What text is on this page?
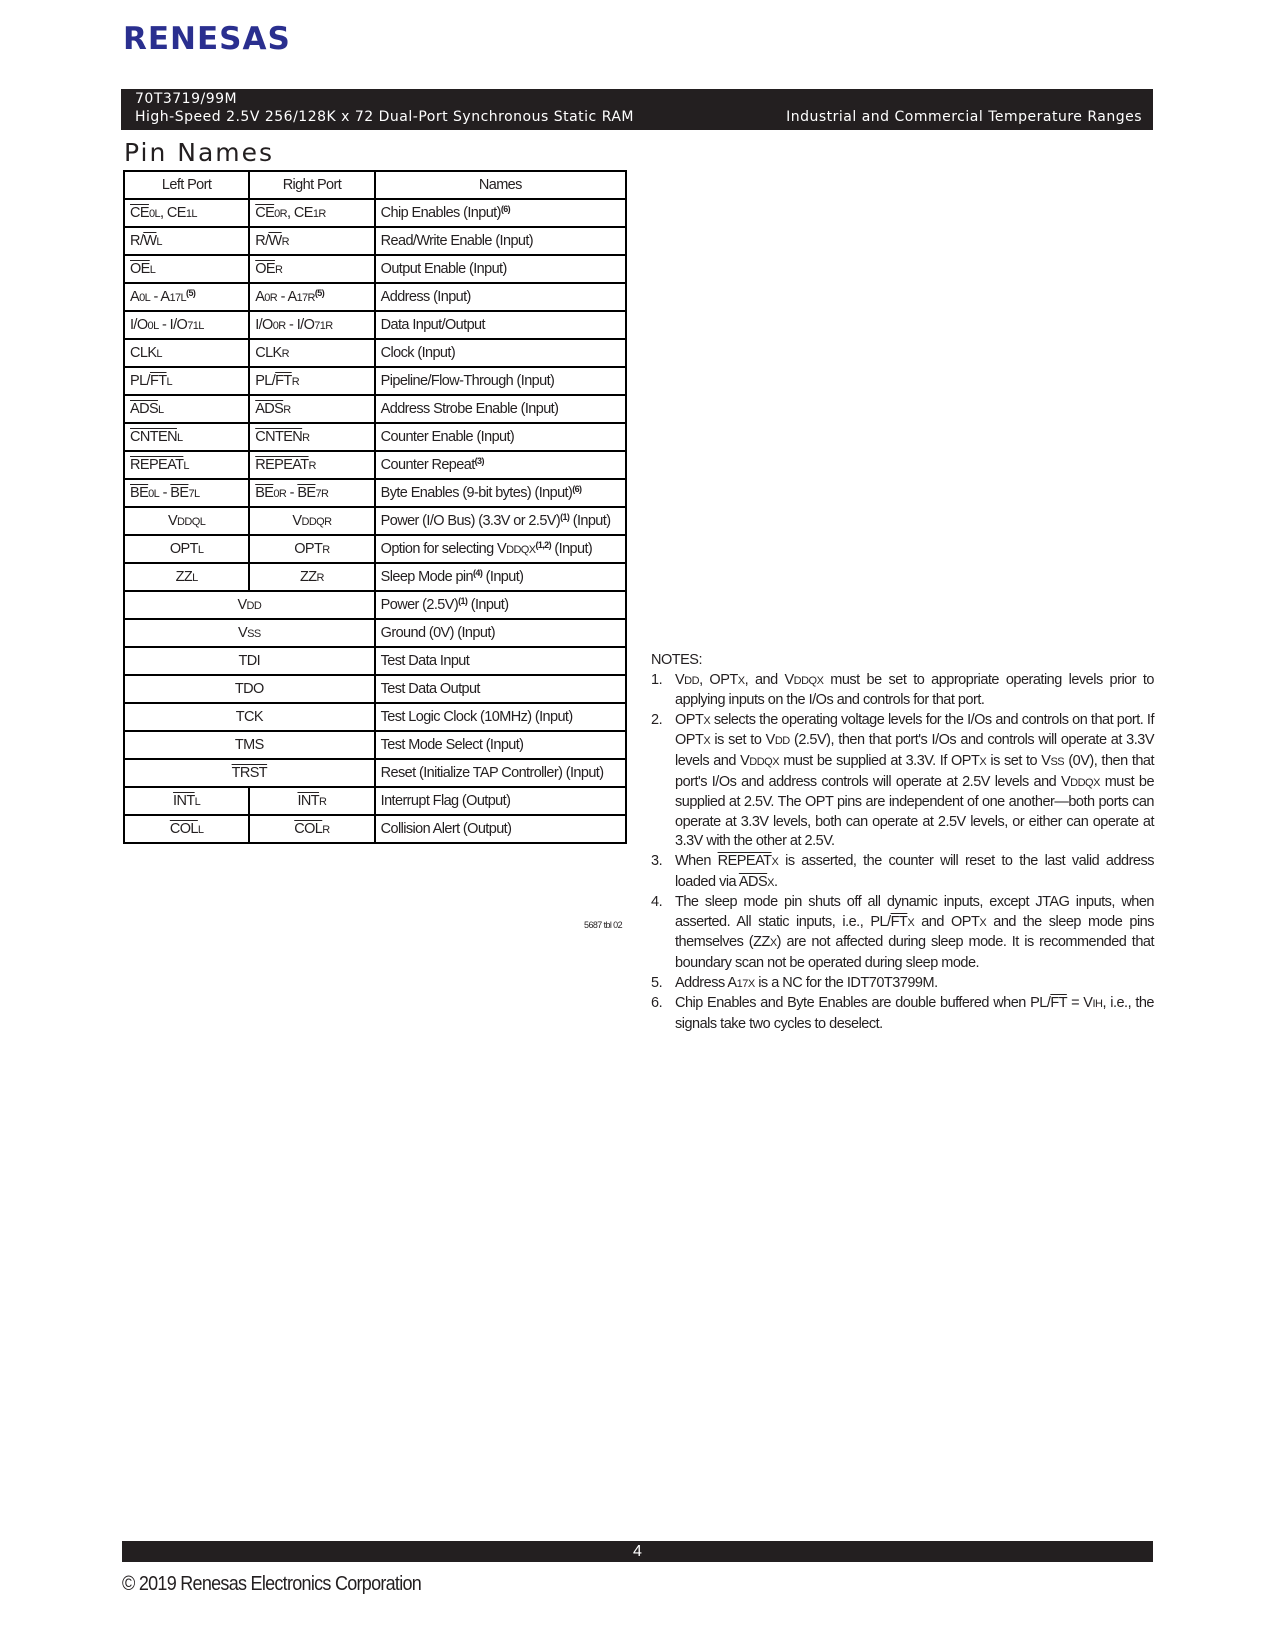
RENESAS
70T3719/99M
High-Speed 2.5V 256/128K x 72 Dual-Port Synchronous Static RAM	Industrial and Commercial Temperature Ranges
Pin Names
Left Port	Right Port	Names
$\overline{CE}0L$, CE1L	$\overline{CE}0R$, CE1R	Chip Enables (Input)$^{(6)}$
$R/\overline{W}L$	$R/\overline{W}R$	Read/Write Enable (Input)
$\overline{OE}L$	$\overline{OE}R$	Output Enable (Input)
$A0L - A17L^{(5)}$	$A0R - A17R^{(5)}$	Address (Input)
I/O0L - I/O71L	I/O0R - I/O71R	Data Input/Output
CLKL	CLKR	Clock (Input)
$PL/\overline{FT}L$	$PL/\overline{FT}R$	Pipeline/Flow-Through (Input)
$\overline{ADS}L$	$\overline{ADS}R$	Address Strobe Enable (Input)
CNTENL	CNTENR	Counter Enable (Input)
REPEATL	REPEATR	Counter Repeat$^{(3)}$
$\overline{BE}0L - \overline{BE}7L$	$\overline{BE}0R - \overline{BE}7R$	Byte Enables (9-bit bytes) (Input)$^{(6)}$
VDDQL	VDDQR	Power (I/O Bus) (3.3V or 2.5V)$^{(1)}$ (Input)
OPTL	OPTR	Option for selecting VDDQX$^{(1,2)}$ (Input)
ZZL	ZZR	Sleep Mode pin$^{(4)}$ (Input)
VDD		Power $(2.5V)^{(1)}$ (Input)
VSS		Ground (0V) (Input)
TDI		Test Data Input
TDO		Test Data Output
TCK		Test Logic Clock (10MHz) (Input)
TMS		Test Mode Select (Input)
TRST		Reset (Initialize TAP Controller) (Input)
$\overline{INT}L$	$\overline{INT}R$	Interrupt Flag (Output)
$\overline{COL}L$	$\overline{COL}R$	Collision Alert (Output)
5687 tbl 02
NOTES:
1. VDD, OPTX, and VDDQX must be set to appropriate operating levels prior to applying inputs on the I/Os and controls for that port.
2. OPTX selects the operating voltage levels for the I/Os and controls on that port. If OPTX is set to VDD (2.5V), then that port's I/Os and controls will operate at 3.3V levels and VDDQX must be supplied at 3.3V. If OPTX is set to VSS (0V), then that port's I/Os and address controls will operate at 2.5V levels and VDDQX must be supplied at 2.5V. The OPT pins are independent of one another—both ports can operate at 3.3V levels, both can operate at 2.5V levels, or either can operate at 3.3V with the other at 2.5V.
3. When REPEATX is asserted, the counter will reset to the last valid address loaded via $\overline{ADS}X$.
4. The sleep mode pin shuts off all dynamic inputs, except JTAG inputs, when asserted. All static inputs, i.e., $PL/\overline{FT}X$ and OPTX and the sleep mode pins themselves (ZZX) are not affected during sleep mode. It is recommended that boundary scan not be operated during sleep mode.
5. Address A17X is a NC for the IDT70T3799M.
6. Chip Enables and Byte Enables are double buffered when $PL/\overline{FT}$ = VIH, i.e., the signals take two cycles to deselect.
4
© 2019 Renesas Electronics Corporation
